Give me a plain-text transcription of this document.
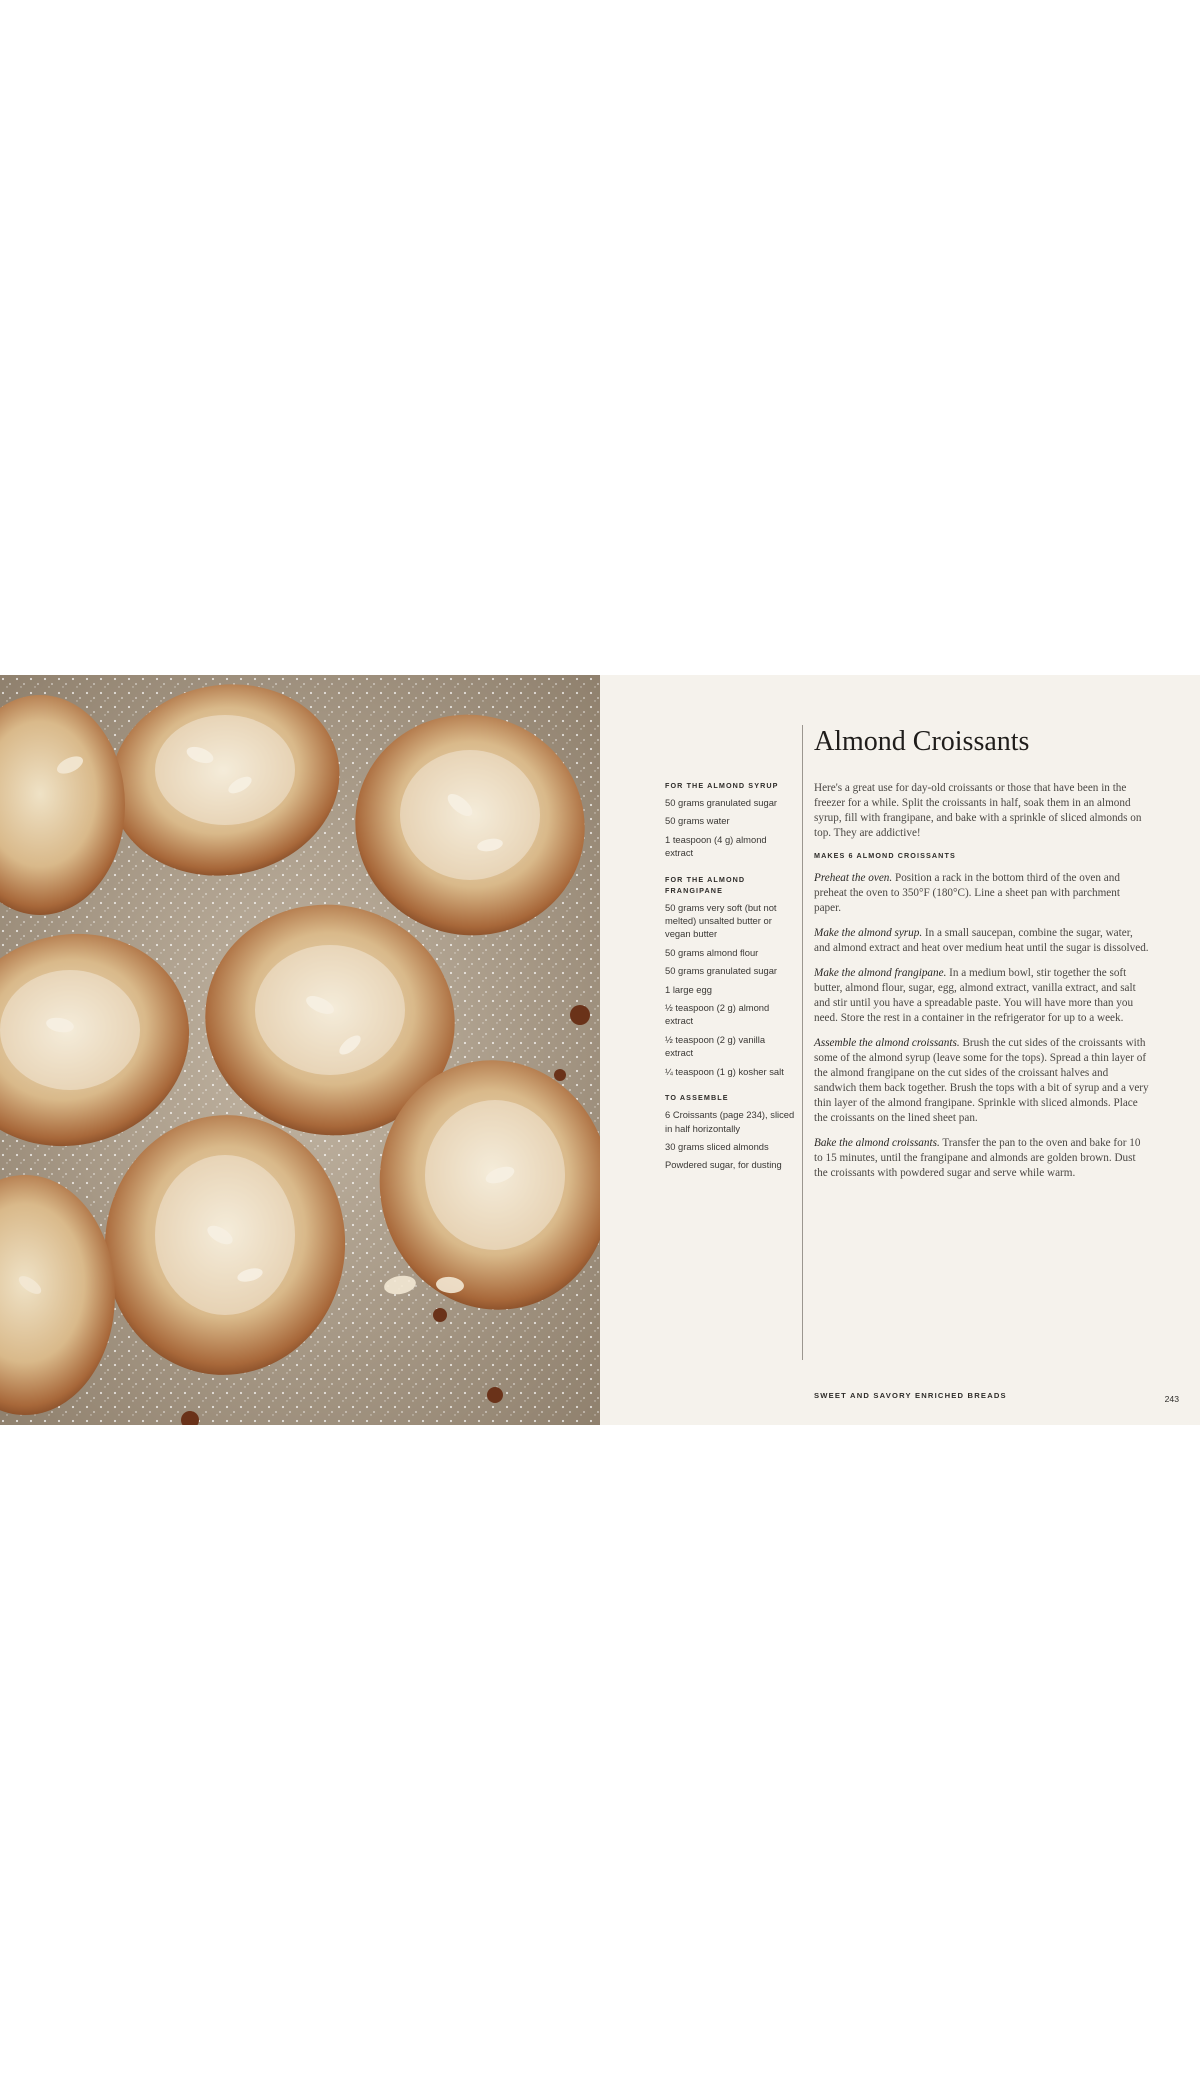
FOR THE ALMOND SYRUP
50 grams granulated sugar
50 grams water
1 teaspoon (4 g) almond extract
FOR THE ALMOND FRANGIPANE
50 grams very soft (but not melted) unsalted butter or vegan butter
50 grams almond flour
50 grams granulated sugar
1 large egg
½ teaspoon (2 g) almond extract
½ teaspoon (2 g) vanilla extract
¼ teaspoon (1 g) kosher salt
TO ASSEMBLE
6 Croissants (page 234), sliced in half horizontally
30 grams sliced almonds
Powdered sugar, for dusting
Almond Croissants

Here's a great use for day-old croissants or those that have been in the freezer for a while. Split the croissants in half, soak them in an almond syrup, fill with frangipane, and bake with a sprinkle of sliced almonds on top. They are addictive!

MAKES 6 ALMOND CROISSANTS

Preheat the oven. Position a rack in the bottom third of the oven and preheat the oven to 350°F (180°C). Line a sheet pan with parchment paper.

Make the almond syrup. In a small saucepan, combine the sugar, water, and almond extract and heat over medium heat until the sugar is dissolved.

Make the almond frangipane. In a medium bowl, stir together the soft butter, almond flour, sugar, egg, almond extract, vanilla extract, and salt and stir until you have a spreadable paste. You will have more than you need. Store the rest in a container in the refrigerator for up to a week.

Assemble the almond croissants. Brush the cut sides of the croissants with some of the almond syrup (leave some for the tops). Spread a thin layer of the almond frangipane on the cut sides of the croissant halves and sandwich them back together. Brush the tops with a bit of syrup and a very thin layer of the almond frangipane. Sprinkle with sliced almonds. Place the croissants on the lined sheet pan.

Bake the almond croissants. Transfer the pan to the oven and bake for 10 to 15 minutes, until the frangipane and almonds are golden brown. Dust the croissants with powdered sugar and serve while warm.

SWEET AND SAVORY ENRICHED BREADS	243
